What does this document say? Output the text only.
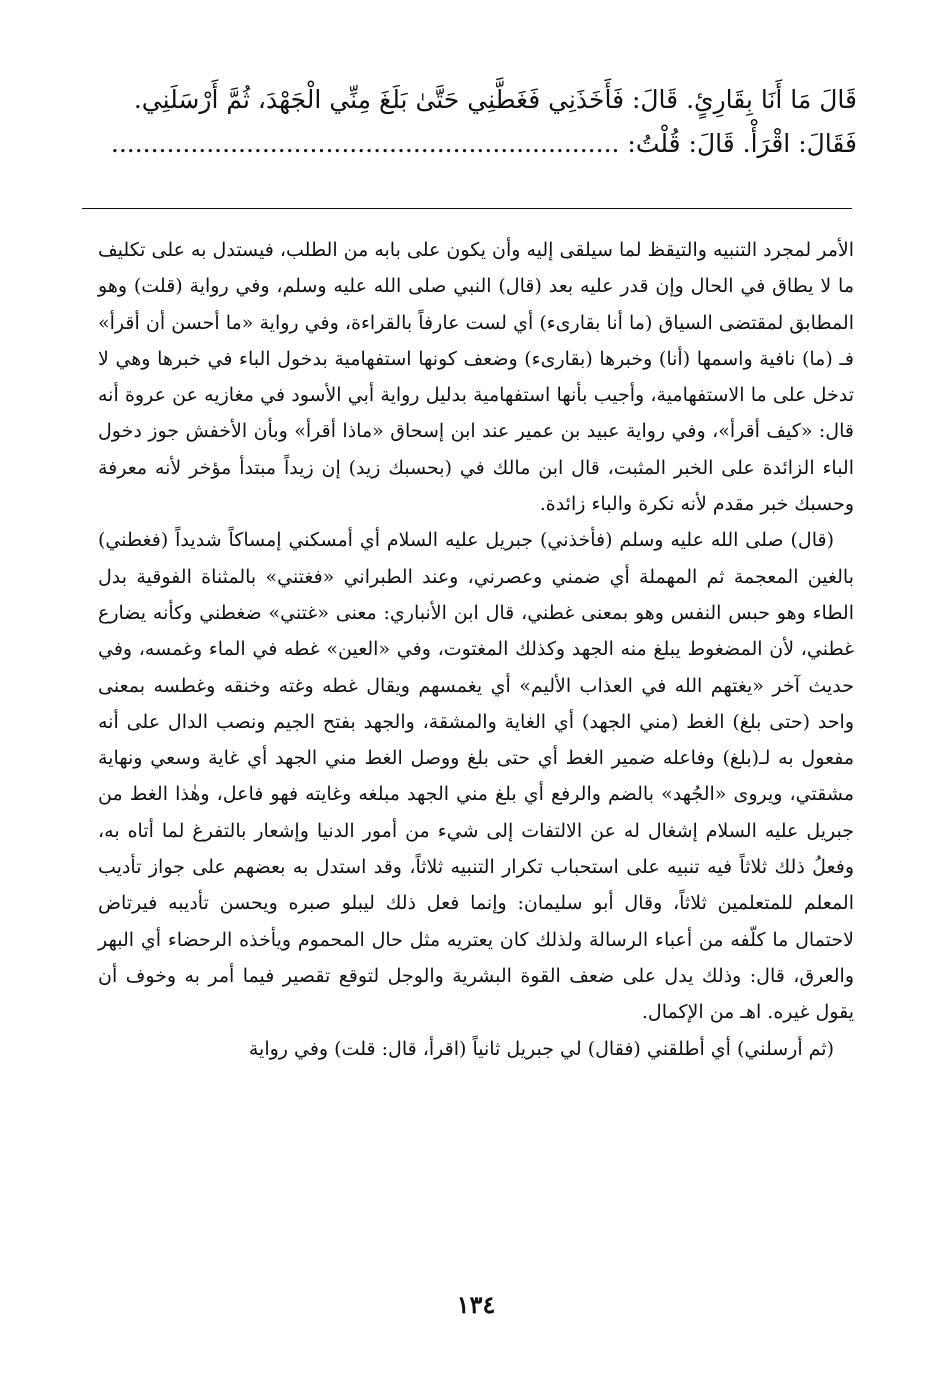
قَالَ مَا أَنَا بِقَارِئٍ. قَالَ: فَأَخَذَنِي فَغَطَّنِي حَتَّىٰ بَلَغَ مِنِّي الْجَهْدَ، ثُمَّ أَرْسَلَنِي.

فَقَالَ: اقْرَأْ. قَالَ: قُلْتُ: ................................................................

الأمر لمجرد التنبيه والتيقظ لما سيلقى إليه وأن يكون على بابه من الطلب، فيستدل به على تكليف ما لا يطاق في الحال وإن قدر عليه بعد (قال) النبي صلى الله عليه وسلم، وفي رواية (قلت) وهو المطابق لمقتضى السياق (ما أنا بقارىء) أي لست عارفاً بالقراءة، وفي رواية «ما أحسن أن أقرأ» فـ (ما) نافية واسمها (أنا) وخبرها (بقارىء) وضعف كونها استفهامية بدخول الباء في خبرها وهي لا تدخل على ما الاستفهامية، وأجيب بأنها استفهامية بدليل رواية أبي الأسود في مغازيه عن عروة أنه قال: «كيف أقرأ»، وفي رواية عبيد بن عمير عند ابن إسحاق «ماذا أقرأ» وبأن الأخفش جوز دخول الباء الزائدة على الخبر المثبت، قال ابن مالك في (بحسبك زيد) إن زيداً مبتدأ مؤخر لأنه معرفة وحسبك خبر مقدم لأنه نكرة والباء زائدة.

(قال) صلى الله عليه وسلم (فأخذني) جبريل عليه السلام أي أمسكني إمساكاً شديداً (فغطني) بالغين المعجمة ثم المهملة أي ضمني وعصرني، وعند الطبراني «فغتني» بالمثناة الفوقية بدل الطاء وهو حبس النفس وهو بمعنى غطني، قال ابن الأنباري: معنى «غتني» ضغطني وكأنه يضارع غطني، لأن المضغوط يبلغ منه الجهد وكذلك المغتوت، وفي «العين» غطه في الماء وغمسه، وفي حديث آخر «يغتهم الله في العذاب الأليم» أي يغمسهم ويقال غطه وغته وخنقه وغطسه بمعنى واحد (حتى بلغ) الغط (مني الجهد) أي الغاية والمشقة، والجهد بفتح الجيم ونصب الدال على أنه مفعول به لـ(بلغ) وفاعله ضمير الغط أي حتى بلغ ووصل الغط مني الجهد أي غاية وسعي ونهاية مشقتي، ويروى «الجُهد» بالضم والرفع أي بلغ مني الجهد مبلغه وغايته فهو فاعل، وهٰذا الغط من جبريل عليه السلام إشغال له عن الالتفات إلى شيء من أمور الدنيا وإشعار بالتفرغ لما أتاه به، وفعلُ ذلك ثلاثاً فيه تنبيه على استحباب تكرار التنبيه ثلاثاً، وقد استدل به بعضهم على جواز تأديب المعلم للمتعلمين ثلاثاً، وقال أبو سليمان: وإنما فعل ذلك ليبلو صبره ويحسن تأديبه فيرتاض لاحتمال ما كلّفه من أعباء الرسالة ولذلك كان يعتريه مثل حال المحموم ويأخذه الرحضاء أي البهر والعرق، قال: وذلك يدل على ضعف القوة البشرية والوجل لتوقع تقصير فيما أمر به وخوف أن يقول غيره. اهـ من الإكمال.

(ثم أرسلني) أي أطلقني (فقال) لي جبريل ثانياً (اقرأ، قال: قلت) وفي رواية

١٣٤
